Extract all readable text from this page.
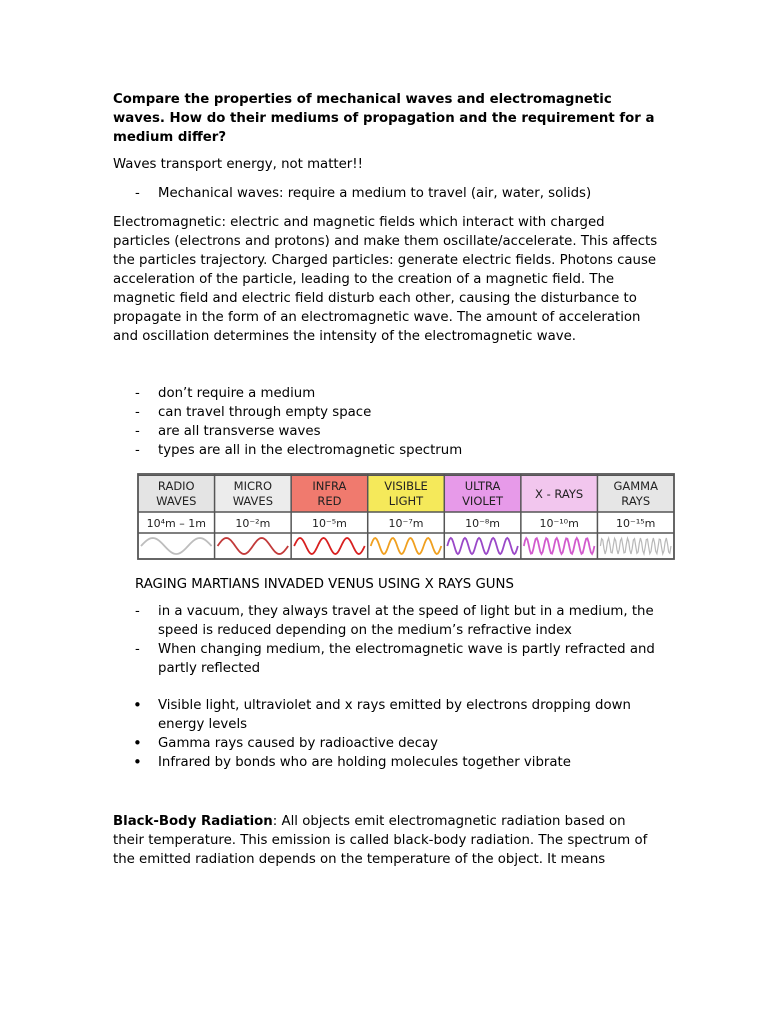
Compare the properties of mechanical waves and electromagnetic waves. How do their mediums of propagation and the requirement for a medium differ?

Waves transport energy, not matter!!

- Mechanical waves: require a medium to travel (air, water, solids)

Electromagnetic: electric and magnetic fields which interact with charged particles (electrons and protons) and make them oscillate/accelerate. This affects the particles trajectory. Charged particles: generate electric fields. Photons cause acceleration of the particle, leading to the creation of a magnetic field. The magnetic field and electric field disturb each other, causing the disturbance to propagate in the form of an electromagnetic wave. The amount of acceleration and oscillation determines the intensity of the electromagnetic wave.

- don’t require a medium
- can travel through empty space
- are all transverse waves
- types are all in the electromagnetic spectrum
RADIO
WAVES
10⁴m – 1m
MICRO
WAVES
10⁻²m
INFRA
RED
10⁻⁵m
VISIBLE
LIGHT
10⁻⁷m
ULTRA
VIOLET
10⁻⁸m
X - RAYS
10⁻¹⁰m
GAMMA
RAYS
10⁻¹⁵m
RAGING MARTIANS INVADED VENUS USING X RAYS GUNS
- in a vacuum, they always travel at the speed of light but in a medium, the speed is reduced depending on the medium’s refractive index
- When changing medium, the electromagnetic wave is partly refracted and partly reflected
• Visible light, ultraviolet and x rays emitted by electrons dropping down energy levels
• Gamma rays caused by radioactive decay
• Infrared by bonds who are holding molecules together vibrate

Black-Body Radiation: All objects emit electromagnetic radiation based on their temperature. This emission is called black-body radiation. The spectrum of the emitted radiation depends on the temperature of the object. It means
